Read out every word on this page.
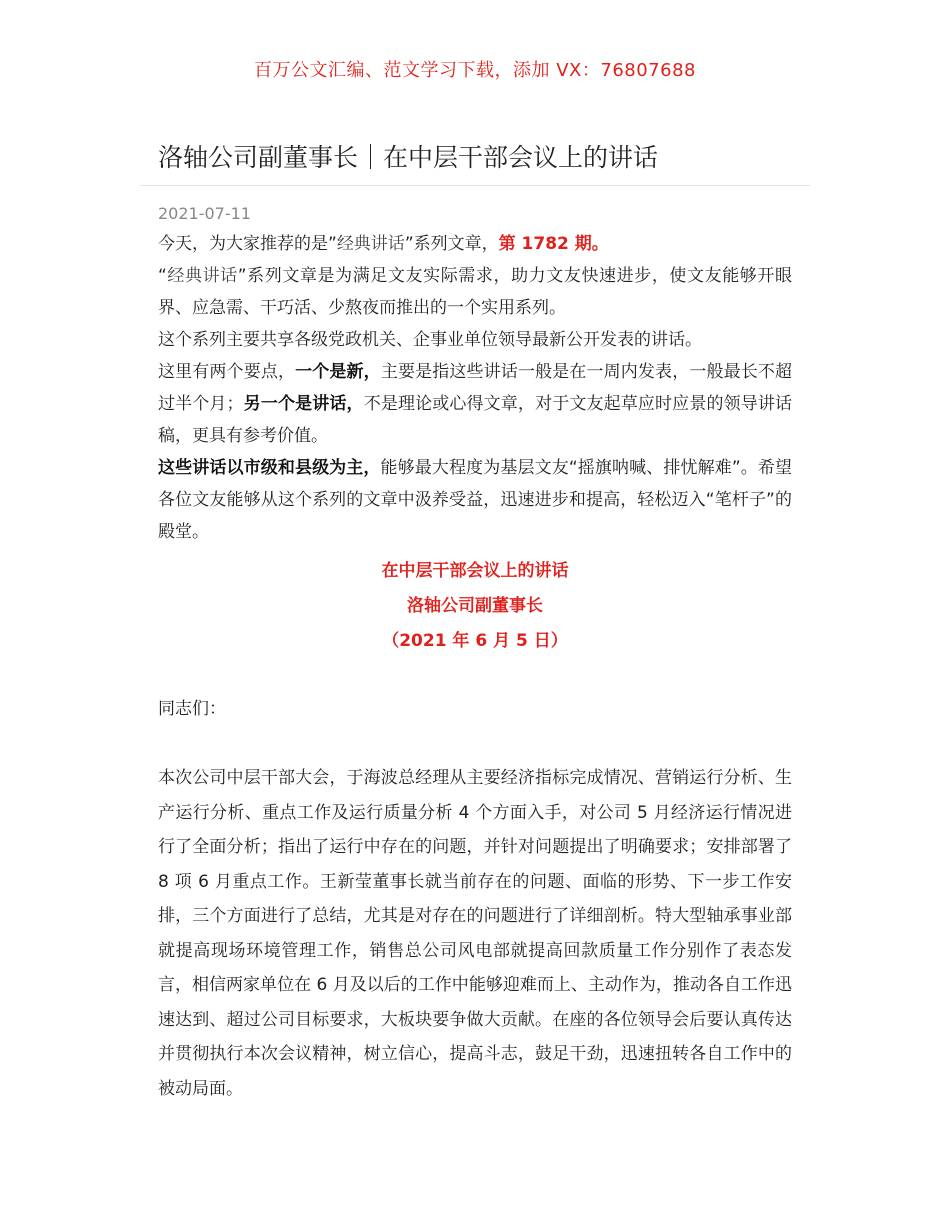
百万公文汇编、范文学习下载，添加 VX：76807688
洛轴公司副董事长｜在中层干部会议上的讲话
2021-07-11

今天，为大家推荐的是”经典讲话”系列文章，第 1782 期。

“经典讲话”系列文章是为满足文友实际需求，助力文友快速进步，使文友能够开眼界、应急需、干巧活、少熬夜而推出的一个实用系列。

这个系列主要共享各级党政机关、企事业单位领导最新公开发表的讲话。

这里有两个要点，一个是新，主要是指这些讲话一般是在一周内发表，一般最长不超过半个月；另一个是讲话，不是理论或心得文章，对于文友起草应时应景的领导讲话稿，更具有参考价值。

这些讲话以市级和县级为主，能够最大程度为基层文友“摇旗呐喊、排忧解难”。希望各位文友能够从这个系列的文章中汲养受益，迅速进步和提高，轻松迈入“笔杆子”的殿堂。

在中层干部会议上的讲话
洛轴公司副董事长
（2021 年 6 月 5 日）

同志们：

本次公司中层干部大会，于海波总经理从主要经济指标完成情况、营销运行分析、生产运行分析、重点工作及运行质量分析 4 个方面入手，对公司 5 月经济运行情况进行了全面分析；指出了运行中存在的问题，并针对问题提出了明确要求；安排部署了 8 项 6 月重点工作。王新莹董事长就当前存在的问题、面临的形势、下一步工作安排，三个方面进行了总结，尤其是对存在的问题进行了详细剖析。特大型轴承事业部就提高现场环境管理工作，销售总公司风电部就提高回款质量工作分别作了表态发言，相信两家单位在 6 月及以后的工作中能够迎难而上、主动作为，推动各自工作迅速达到、超过公司目标要求，大板块要争做大贡献。在座的各位领导会后要认真传达并贯彻执行本次会议精神，树立信心，提高斗志，鼓足干劲，迅速扭转各自工作中的被动局面。
